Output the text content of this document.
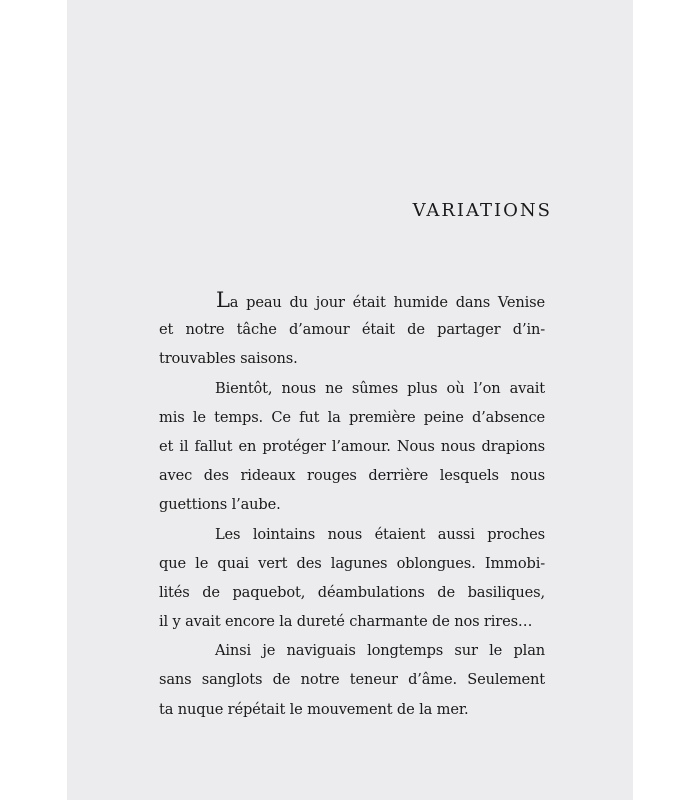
VARIATIONS
La peau du jour était humide dans Venise
et notre tâche d’amour était de partager d’in-
trouvables saisons.
Bientôt, nous ne sûmes plus où l’on avait
mis le temps. Ce fut la première peine d’absence
et il fallut en protéger l’amour. Nous nous drapions
avec des rideaux rouges derrière lesquels nous
guettions l’aube.
Les lointains nous étaient aussi proches
que le quai vert des lagunes oblongues. Immobi-
lités de paquebot, déambulations de basiliques,
il y avait encore la dureté charmante de nos rires…
Ainsi je naviguais longtemps sur le plan
sans sanglots de notre teneur d’âme. Seulement
ta nuque répétait le mouvement de la mer.
